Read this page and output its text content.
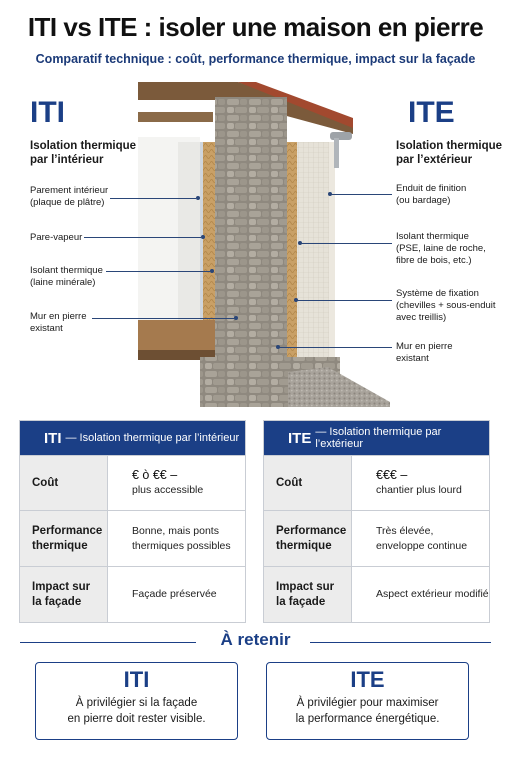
ITI vs ITE : isoler une maison en pierre
Comparatif technique : coût, performance thermique, impact sur la façade
ITI
Isolation thermique
par l’intérieur
ITE
Isolation thermique
par l’extérieur
Parement intérieur
(plaque de plâtre)
Pare-vapeur
Isolant thermique
(laine minérale)
Mur en pierre
existant
Enduit de finition
(ou bardage)
Isolant thermique
(PSE, laine de roche,
fibre de bois, etc.)
Système de fixation
(chevilles + sous-enduit
avec treillis)
Mur en pierre
existant
ITI — Isolation thermique par l’intérieur
Coût
€ ò €€ –
plus accessible
Performance
thermique
Bonne, mais ponts
thermiques possibles
Impact sur
la façade
Façade préservée
ITE — Isolation thermique par l’extérieur
Coût
€€€ –
chantier plus lourd
Performance
thermique
Très élevée,
enveloppe continue
Impact sur
la façade
Aspect extérieur modifié
À retenir
ITI
À privilégier si la façade
en pierre doit rester visible.
ITE
À privilégier pour maximiser
la performance énergétique.
